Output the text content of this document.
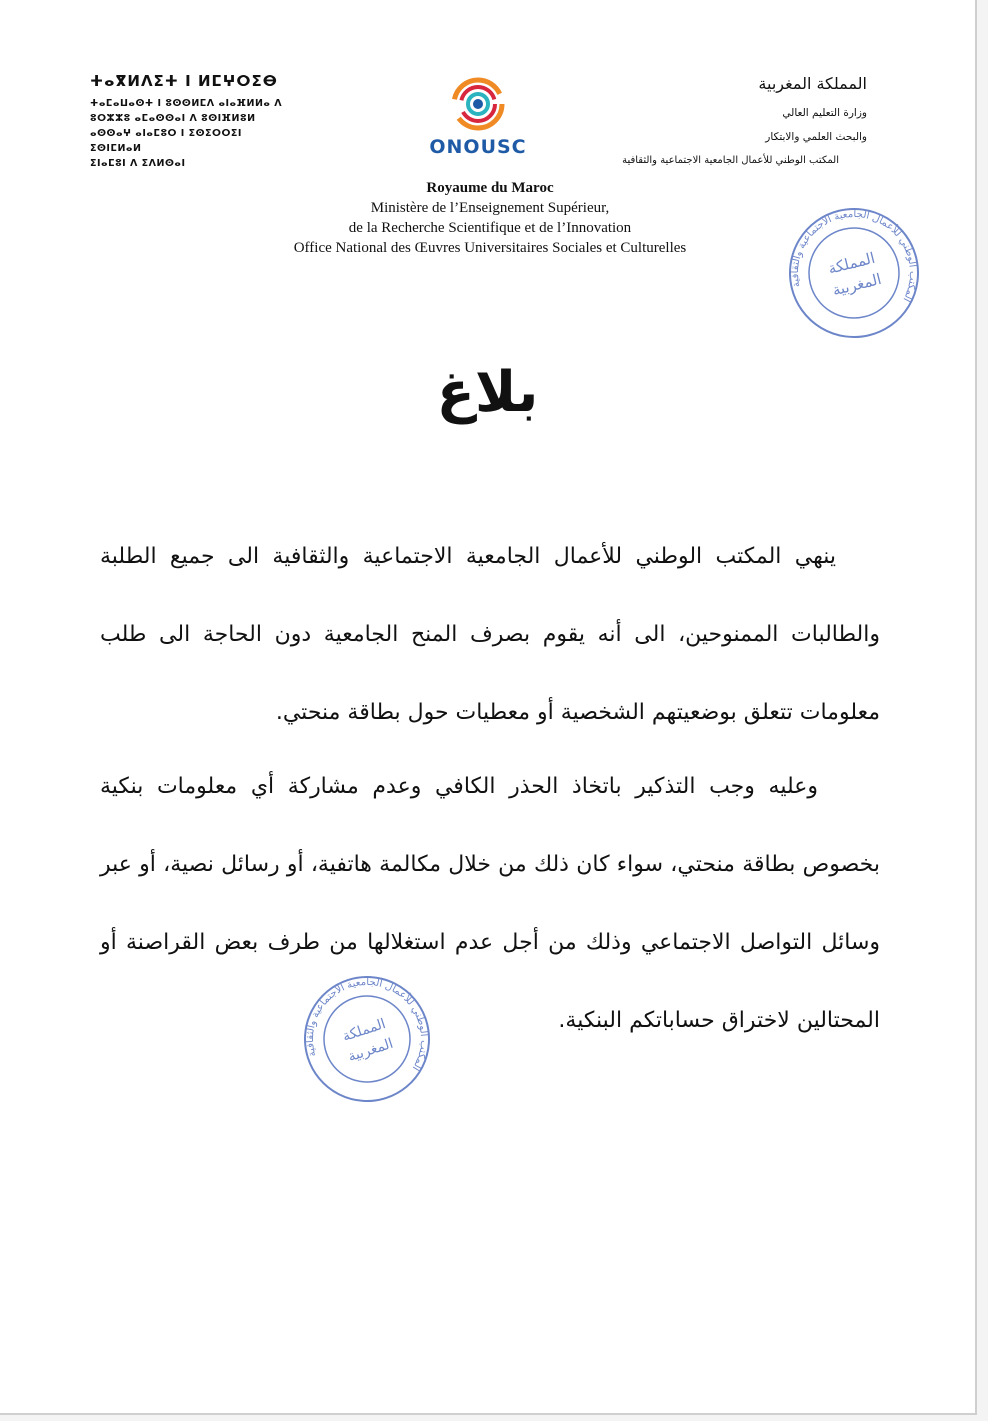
ⵜⴰⴳⵍⴷⵉⵜ ⵏ ⵍⵎⵖⵔⵉⴱ
ⵜⴰⵎⴰⵡⴰⵙⵜ ⵏ ⵓⵙⵙⵍⵎⴷ ⴰⵏⴰⴼⵍⵍⴰ ⴷ
ⵓⵔⵣⵣⵓ ⴰⵎⴰⵙⵙⴰⵏ ⴷ ⵓⵙⵏⴼⵍⵓⵍ
ⴰⵙⵙⴰⵖ ⴰⵏⴰⵎⵓⵔ ⵏ ⵉⵙⵉⵔⵔⵉⵏ ⵉⵙⵏⵎⵍⴰⵍ
ⵉⵏⴰⵎⵓⵏ ⴷ ⵉⴷⵍⵙⴰⵏ
ONOUSC
المملكة المغربية
وزارة التعليم العالي
والبحث العلمي والابتكار
المكتب الوطني للأعمال الجامعية الاجتماعية والثقافية
Royaume du Maroc
Ministère de l’Enseignement Supérieur,
de la Recherche Scientifique et de l’Innovation
Office National des Œuvres Universitaires Sociales et Culturelles
المكتب الوطني للأعمال الجامعية الاجتماعية والثقافية
المملكة
المغربية
بلاغ
ينهي المكتب الوطني للأعمال الجامعية الاجتماعية والثقافية الى جميع الطلبة والطالبات الممنوحين، الى أنه يقوم بصرف المنح الجامعية دون الحاجة الى طلب معلومات تتعلق بوضعيتهم الشخصية أو معطيات حول بطاقة منحتي.
وعليه وجب التذكير باتخاذ الحذر الكافي وعدم مشاركة أي معلومات بنكية بخصوص بطاقة منحتي، سواء كان ذلك من خلال مكالمة هاتفية، أو رسائل نصية، أو عبر وسائل التواصل الاجتماعي وذلك من أجل عدم استغلالها من طرف بعض القراصنة أو المحتالين لاختراق حساباتكم البنكية.
المكتب الوطني للأعمال الجامعية الاجتماعية والثقافية
المملكة
المغربية
